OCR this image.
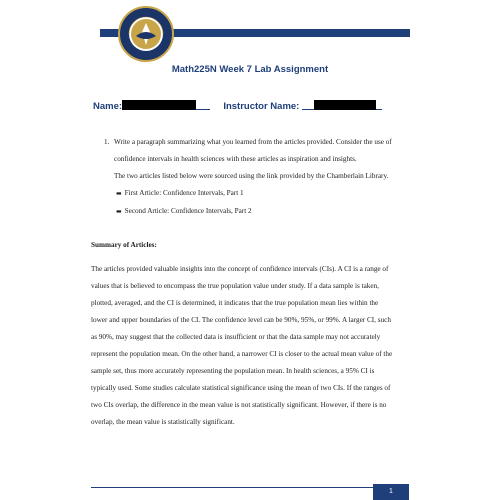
Math225N Week 7 Lab Assignment
Name:	Instructor Name:
1. Write a paragraph summarizing what you learned from the articles provided. Consider the use of
confidence intervals in health sciences with these articles as inspiration and insights.
The two articles listed below were sourced using the link provided by the Chamberlain Library.
▬ First Article: Confidence Intervals, Part 1
▬ Second Article: Confidence Intervals, Part 2
Summary of Articles:
The articles provided valuable insights into the concept of confidence intervals (CIs). A CI is a range of
values that is believed to encompass the true population value under study. If a data sample is taken,
plotted, averaged, and the CI is determined, it indicates that the true population mean lies within the
lower and upper boundaries of the CI. The confidence level can be 90%, 95%, or 99%. A larger CI, such
as 90%, may suggest that the collected data is insufficient or that the data sample may not accurately
represent the population mean. On the other hand, a narrower CI is closer to the actual mean value of the
sample set, thus more accurately representing the population mean. In health sciences, a 95% CI is
typically used. Some studies calculate statistical significance using the mean of two CIs. If the ranges of
two CIs overlap, the difference in the mean value is not statistically significant. However, if there is no
overlap, the mean value is statistically significant.
1
